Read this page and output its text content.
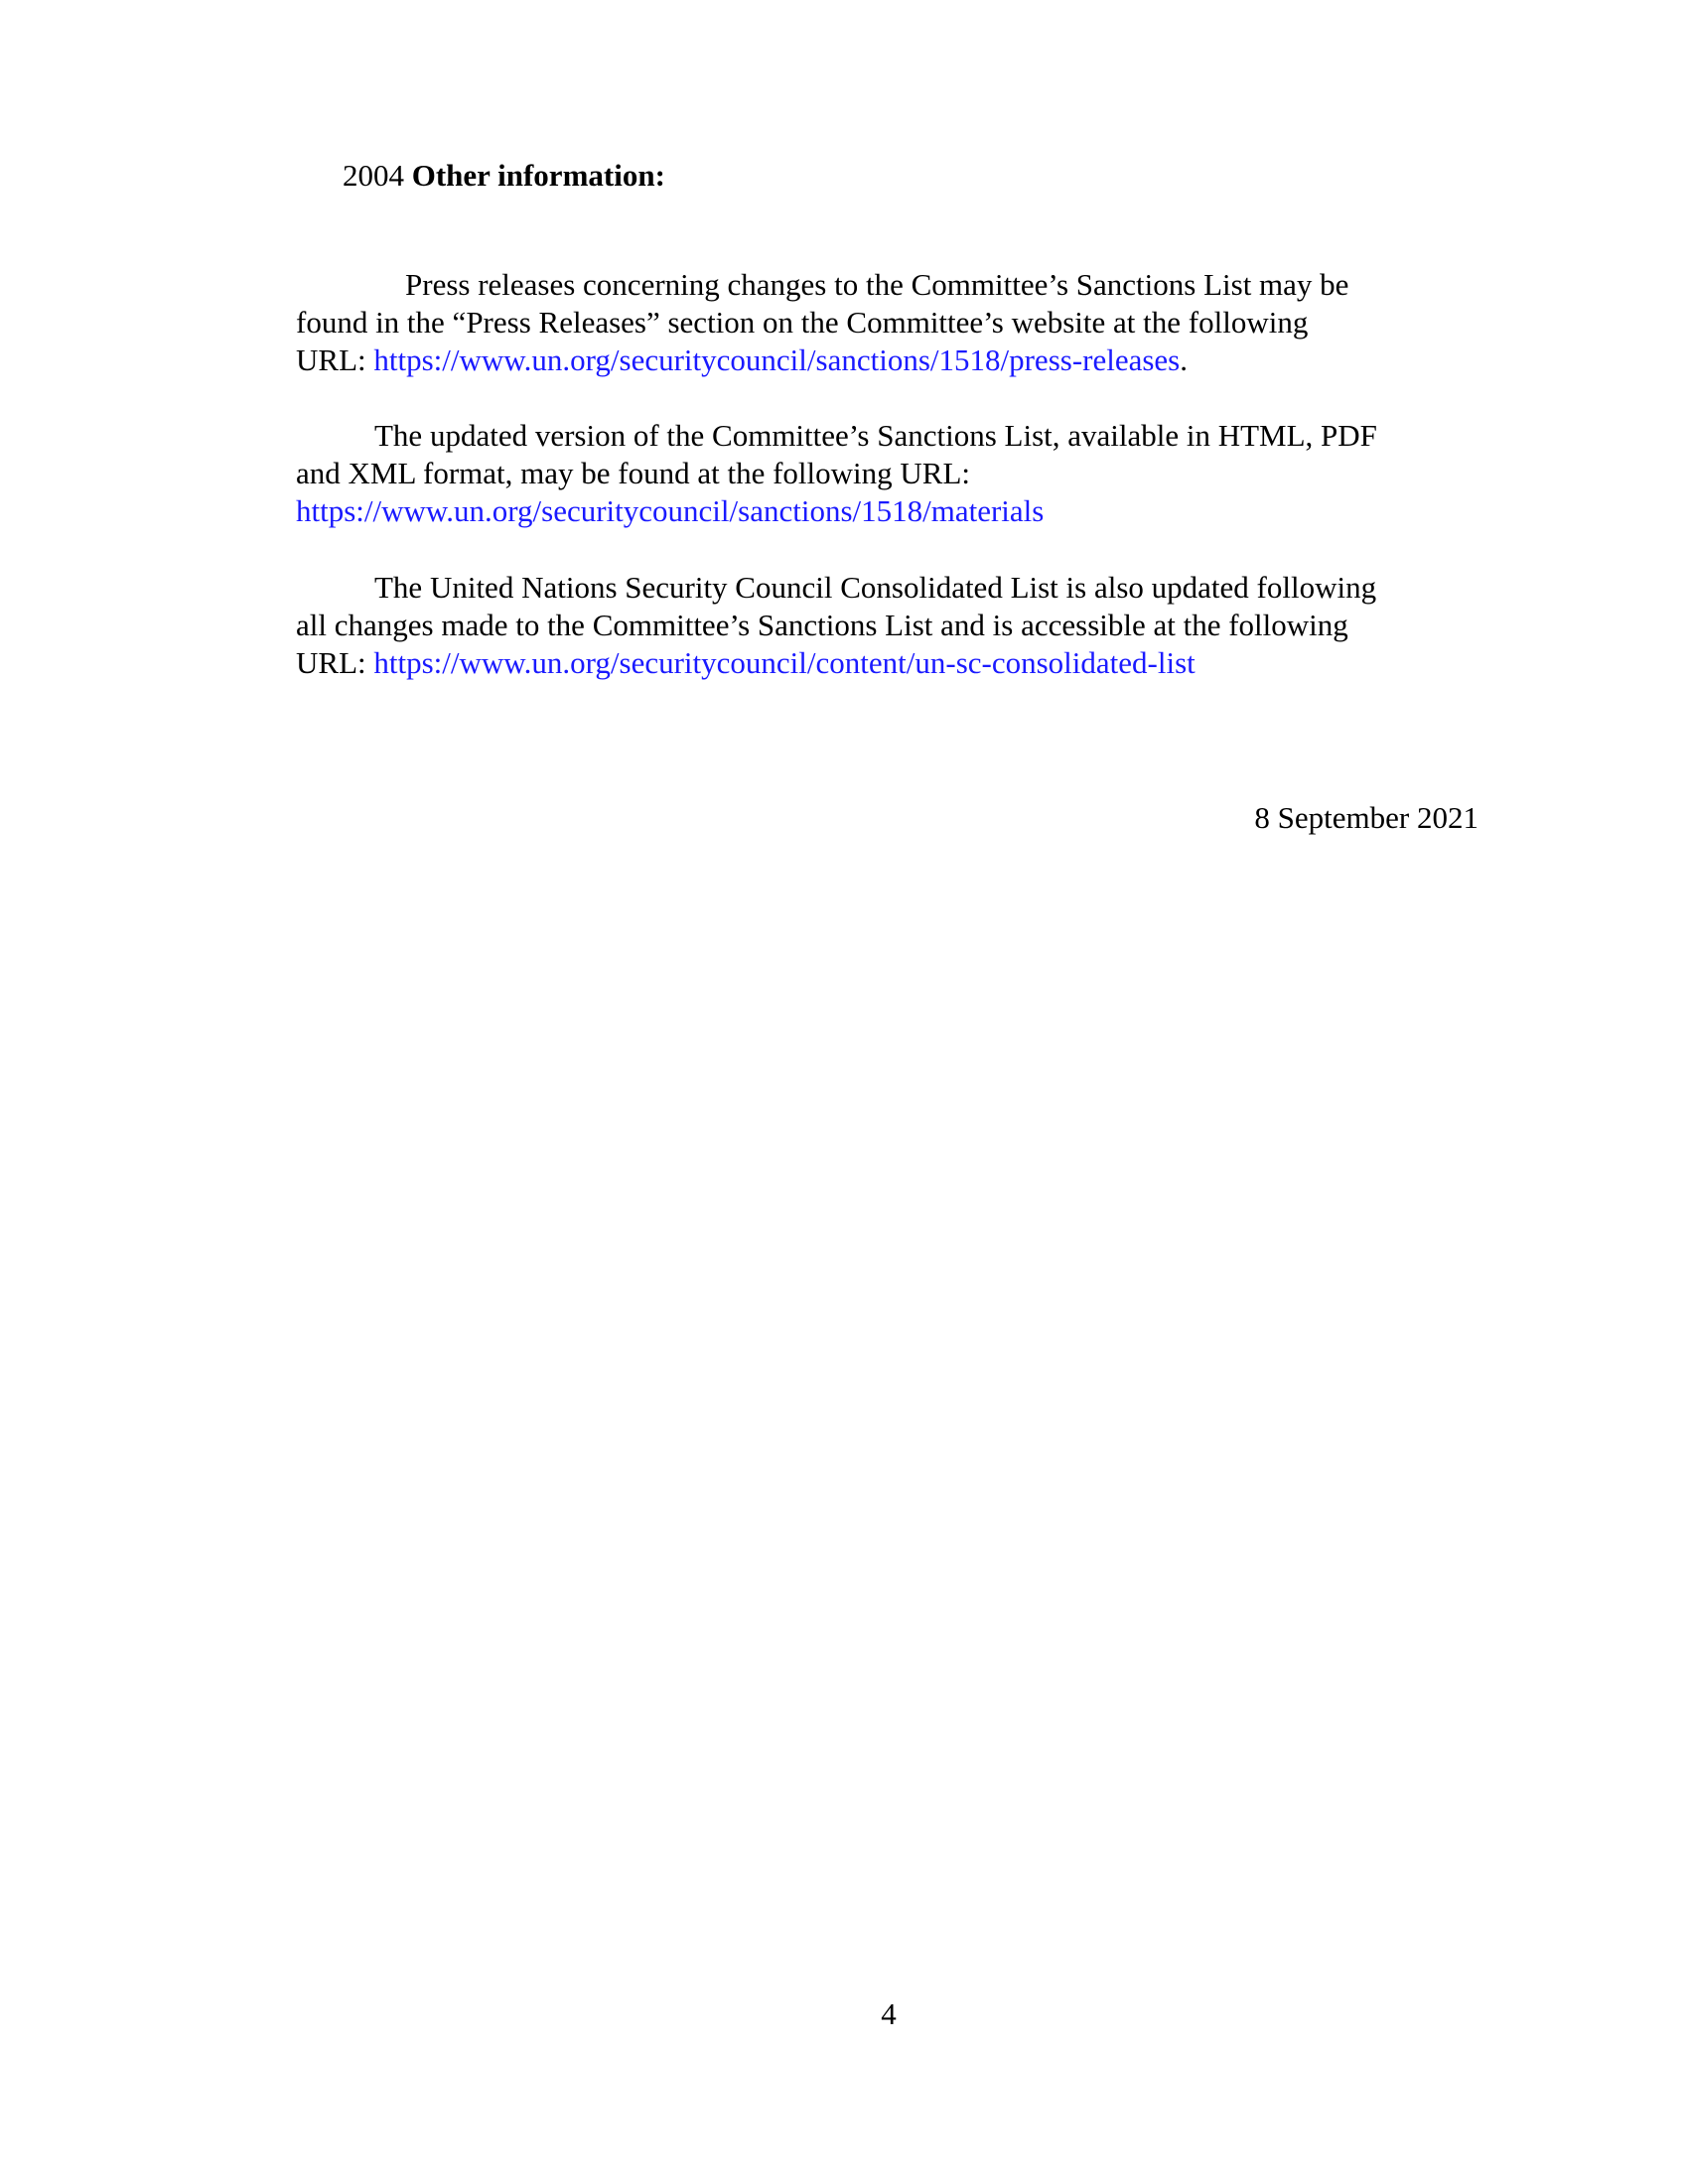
2004 Other information:
Press releases concerning changes to the Committee’s Sanctions List may be
found in the “Press Releases” section on the Committee’s website at the following
URL: https://www.un.org/securitycouncil/sanctions/1518/press-releases.
The updated version of the Committee’s Sanctions List, available in HTML, PDF
and XML format, may be found at the following URL:
https://www.un.org/securitycouncil/sanctions/1518/materials
The United Nations Security Council Consolidated List is also updated following
all changes made to the Committee’s Sanctions List and is accessible at the following
URL: https://www.un.org/securitycouncil/content/un-sc-consolidated-list
8 September 2021
4
